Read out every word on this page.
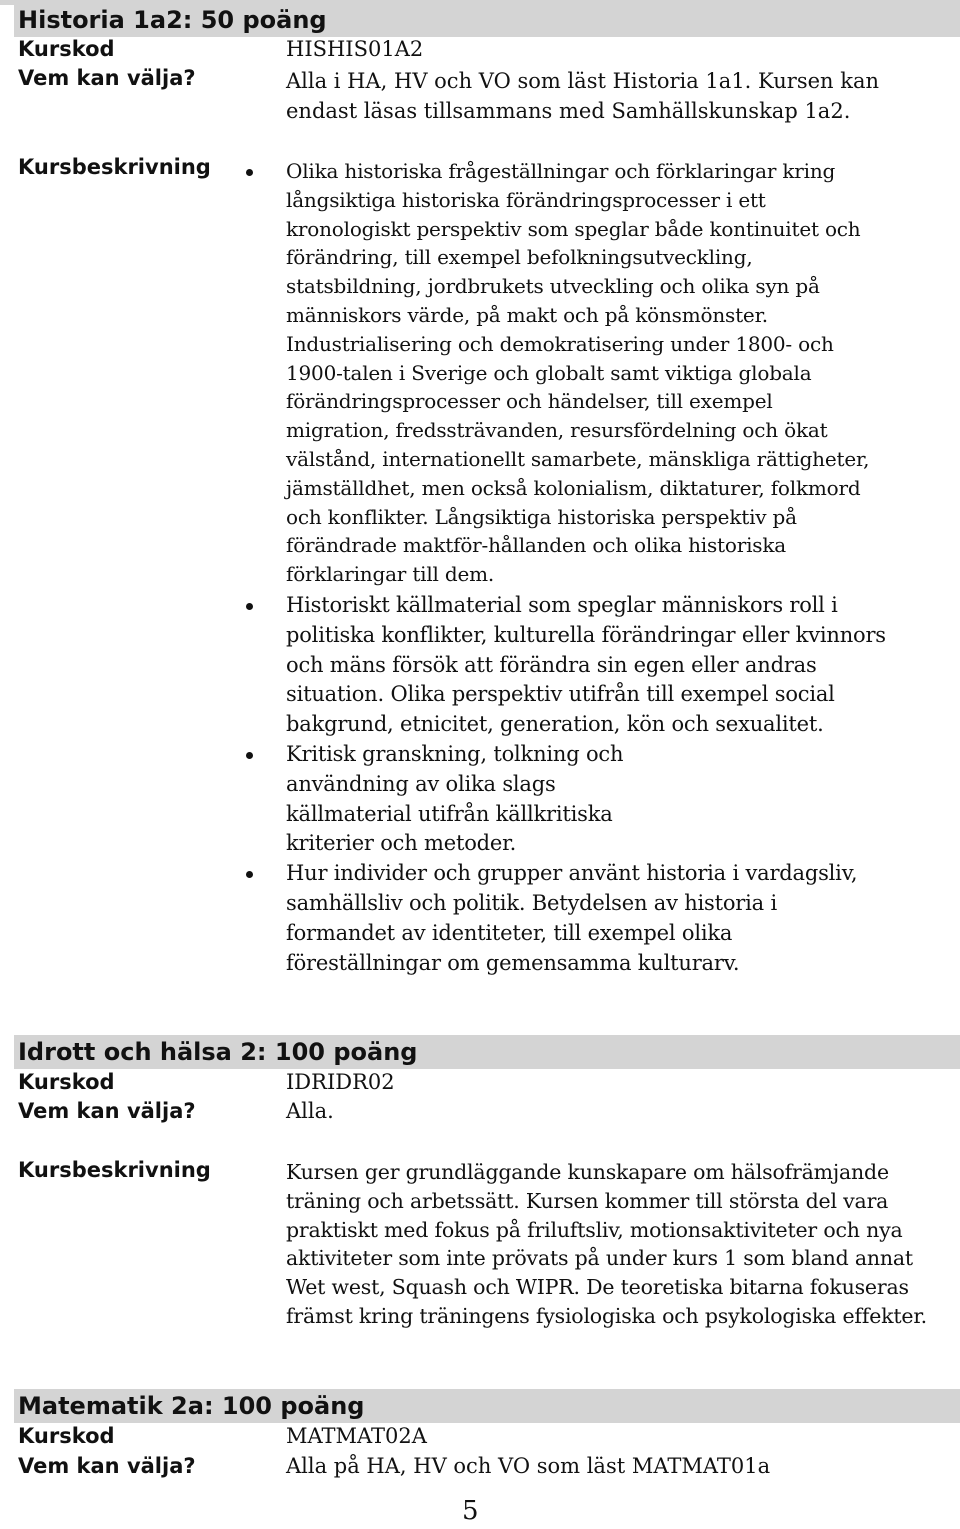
Historia 1a2: 50 poäng
Kurskod	HISHIS01A2
Vem kan välja?	Alla i HA, HV och VO som läst Historia 1a1. Kursen kan endast läsas tillsammans med Samhällskunskap 1a2.
Kursbeskrivning	Olika historiska frågeställningar och förklaringar kring långsiktiga historiska förändringsprocesser i ett kronologiskt perspektiv som speglar både kontinuitet och förändring, till exempel befolkningsutveckling, statsbildning, jordbrukets utveckling och olika syn på människors värde, på makt och på könsmönster. Industrialisering och demokratisering under 1800- och 1900-talen i Sverige och globalt samt viktiga globala förändringsprocesser och händelser, till exempel migration, fredssträvanden, resursfördelning och ökat välstånd, internationellt samarbete, mänskliga rättigheter, jämställdhet, men också kolonialism, diktaturer, folkmord och konflikter. Långsiktiga historiska perspektiv på förändrade maktför-hållanden och olika historiska förklaringar till dem.
Historiskt källmaterial som speglar människors roll i politiska konflikter, kulturella förändringar eller kvinnors och mäns försök att förändra sin egen eller andras situation. Olika perspektiv utifrån till exempel social bakgrund, etnicitet, generation, kön och sexualitet.
Kritisk granskning, tolkning och användning av olika slags källmaterial utifrån källkritiska kriterier och metoder.
Hur individer och grupper använt historia i vardagsliv, samhällsliv och politik. Betydelsen av historia i formandet av identiteter, till exempel olika föreställningar om gemensamma kulturarv.
Idrott och hälsa 2: 100 poäng
Kurskod	IDRIDR02
Vem kan välja?	Alla.
Kursbeskrivning	Kursen ger grundläggande kunskapare om hälsofrämjande träning och arbetssätt. Kursen kommer till största del vara praktiskt med fokus på friluftsliv, motionsaktiviteter och nya aktiviteter som inte prövats på under kurs 1 som bland annat Wet west, Squash och WIPR. De teoretiska bitarna fokuseras främst kring träningens fysiologiska och psykologiska effekter.
Matematik 2a: 100 poäng
Kurskod	MATMAT02A
Vem kan välja?	Alla på HA, HV och VO som läst MATMAT01a
5
